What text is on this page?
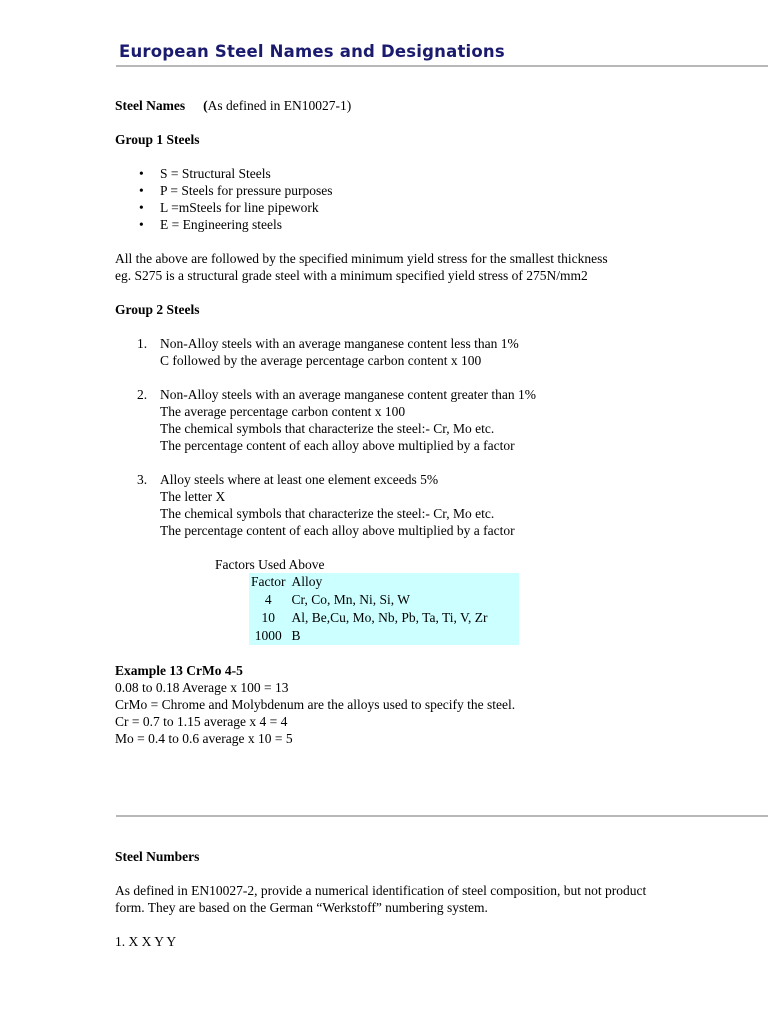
European Steel Names and Designations

Steel Names (As defined in EN10027-1)

Group 1 Steels

• S = Structural Steels
• P = Steels for pressure purposes
• L =mSteels for line pipework
• E = Engineering steels

All the above are followed by the specified minimum yield stress for the smallest thickness

eg. S275 is a structural grade steel with a minimum specified yield stress of 275N/mm2

Group 2 Steels

1. Non-Alloy steels with an average manganese content less than 1%
C followed by the average percentage carbon content x 100
2. Non-Alloy steels with an average manganese content greater than 1%
The average percentage carbon content x 100
The chemical symbols that characterize the steel:- Cr, Mo etc.
The percentage content of each alloy above multiplied by a factor
3. Alloy steels where at least one element exceeds 5%
The letter X
The chemical symbols that characterize the steel:- Cr, Mo etc.
The percentage content of each alloy above multiplied by a factor

Factors Used Above

Factor	Alloy
4	Cr, Co, Mn, Ni, Si, W
10	Al, Be,Cu, Mo, Nb, Pb, Ta, Ti, V, Zr
1000	B

Example 13 CrMo 4-5

0.08 to 0.18 Average x 100 = 13

CrMo = Chrome and Molybdenum are the alloys used to specify the steel.

Cr = 0.7 to 1.15 average x 4 = 4

Mo = 0.4 to 0.6 average x 10 = 5

Steel Numbers

As defined in EN10027-2, provide a numerical identification of steel composition, but not product form. They are based on the German “Werkstoff” numbering system.

1. X X Y Y
